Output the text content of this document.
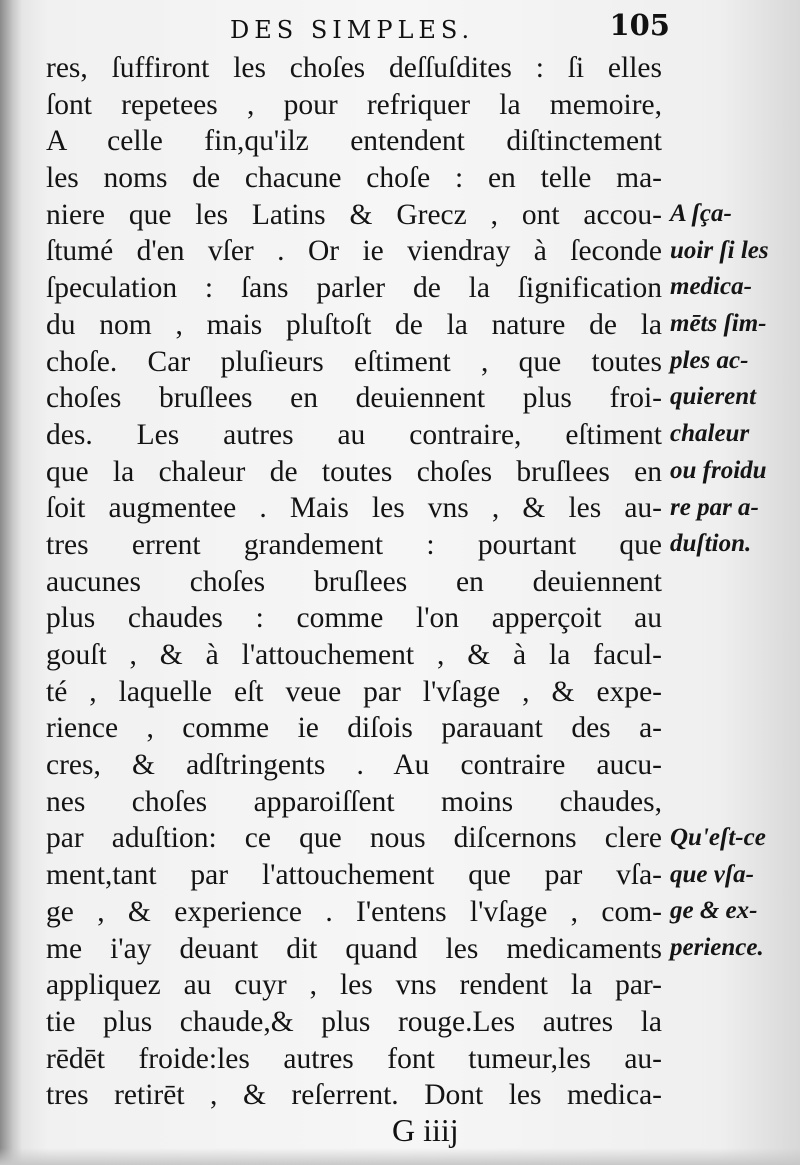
DES SIMPLES.	105
res, ſuffiront les choſes deſſuſdites : ſi elles
ſont repetees , pour refriquer la memoire,
A celle fin,qu'ilz entendent diſtinctement
les noms de chacune choſe : en telle ma-
niere que les Latins & Grecz , ont accou-
ſtumé d'en vſer . Or ie viendray à ſeconde
ſpeculation : ſans parler de la ſignification
du nom , mais pluſtoſt de la nature de la
choſe. Car pluſieurs eſtiment , que toutes
choſes bruſlees en deuiennent plus froi-
des. Les autres au contraire, eſtiment
que la chaleur de toutes choſes bruſlees en
ſoit augmentee . Mais les vns , & les au-
tres errent grandement : pourtant que
aucunes choſes bruſlees en deuiennent
plus chaudes : comme l'on apperçoit au
gouſt , & à l'attouchement , & à la facul-
té , laquelle eſt veue par l'vſage , & expe-
rience , comme ie diſois parauant des a-
cres, & adſtringents . Au contraire aucu-
nes choſes apparoiſſent moins chaudes,
par aduſtion: ce que nous diſcernons clere
ment,tant par l'attouchement que par vſa-
ge , & experience . I'entens l'vſage , com-
me i'ay deuant dit quand les medicaments
appliquez au cuyr , les vns rendent la par-
tie plus chaude,& plus rouge.Les autres la
rēdēt froide:les autres font tumeur,les au-
tres retirēt , & reſerrent. Dont les medica-
A ſça-
uoir ſi les
medica-
mēts ſim-
ples ac-
quierent
chaleur
ou froidu
re par a-
duſtion.
Qu'eſt-ce
que vſa-
ge & ex-
perience.
G iiij
